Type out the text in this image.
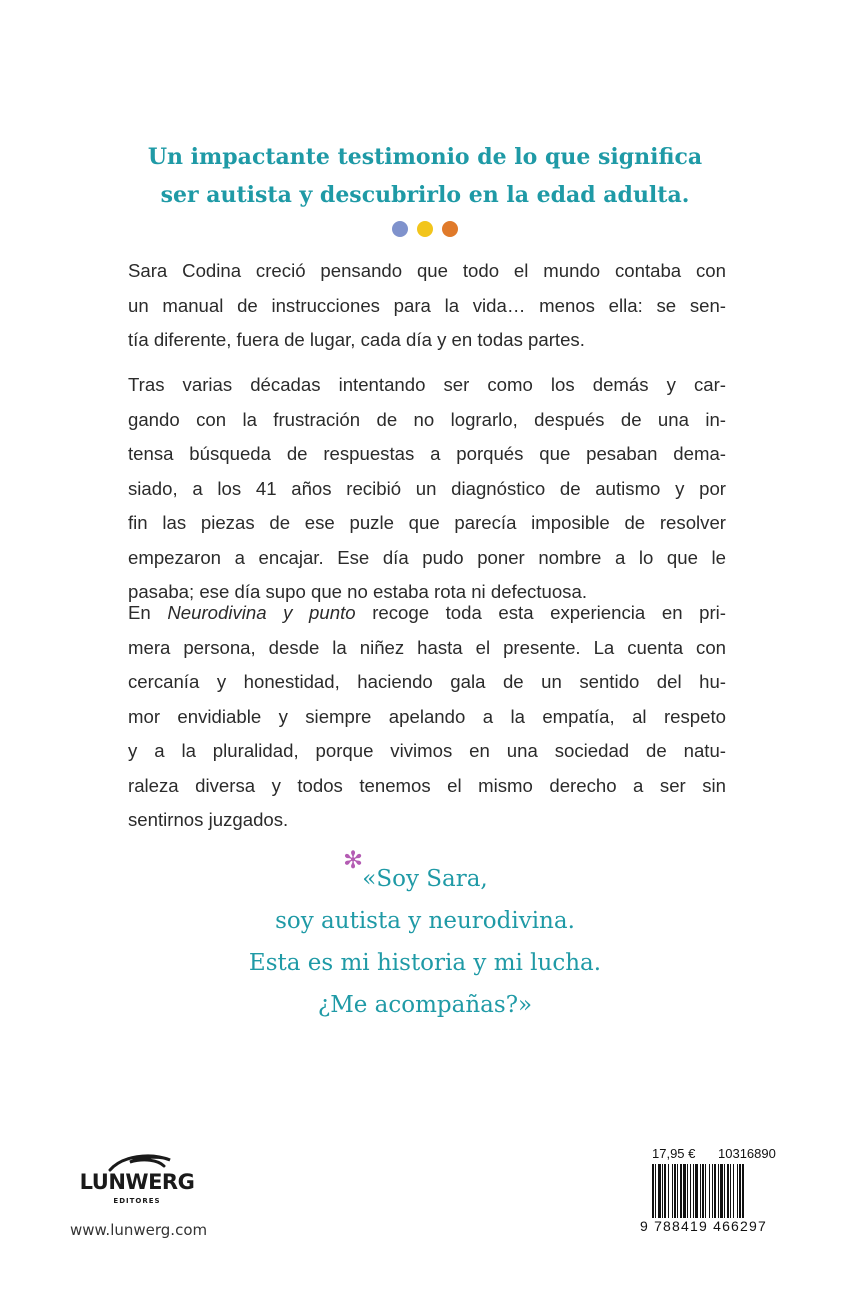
Un impactante testimonio de lo que significa
ser autista y descubrirlo en la edad adulta.
Sara Codina creció pensando que todo el mundo contaba con
un manual de instrucciones para la vida… menos ella: se sen-
tía diferente, fuera de lugar, cada día y en todas partes.
Tras varias décadas intentando ser como los demás y car-
gando con la frustración de no lograrlo, después de una in-
tensa búsqueda de respuestas a porqués que pesaban dema-
siado, a los 41 años recibió un diagnóstico de autismo y por
fin las piezas de ese puzle que parecía imposible de resolver
empezaron a encajar. Ese día pudo poner nombre a lo que le
pasaba; ese día supo que no estaba rota ni defectuosa.
En Neurodivina y punto recoge toda esta experiencia en pri-
mera persona, desde la niñez hasta el presente. La cuenta con
cercanía y honestidad, haciendo gala de un sentido del hu-
mor envidiable y siempre apelando a la empatía, al respeto
y a la pluralidad, porque vivimos en una sociedad de natu-
raleza diversa y todos tenemos el mismo derecho a ser sin
sentirnos juzgados.
✻
«Soy Sara,
soy autista y neurodivina.
Esta es mi historia y mi lucha.
¿Me acompañas?»
LUNWERG
EDITORES
www.lunwerg.com
17,95 € 10316890
9 788419 466297
